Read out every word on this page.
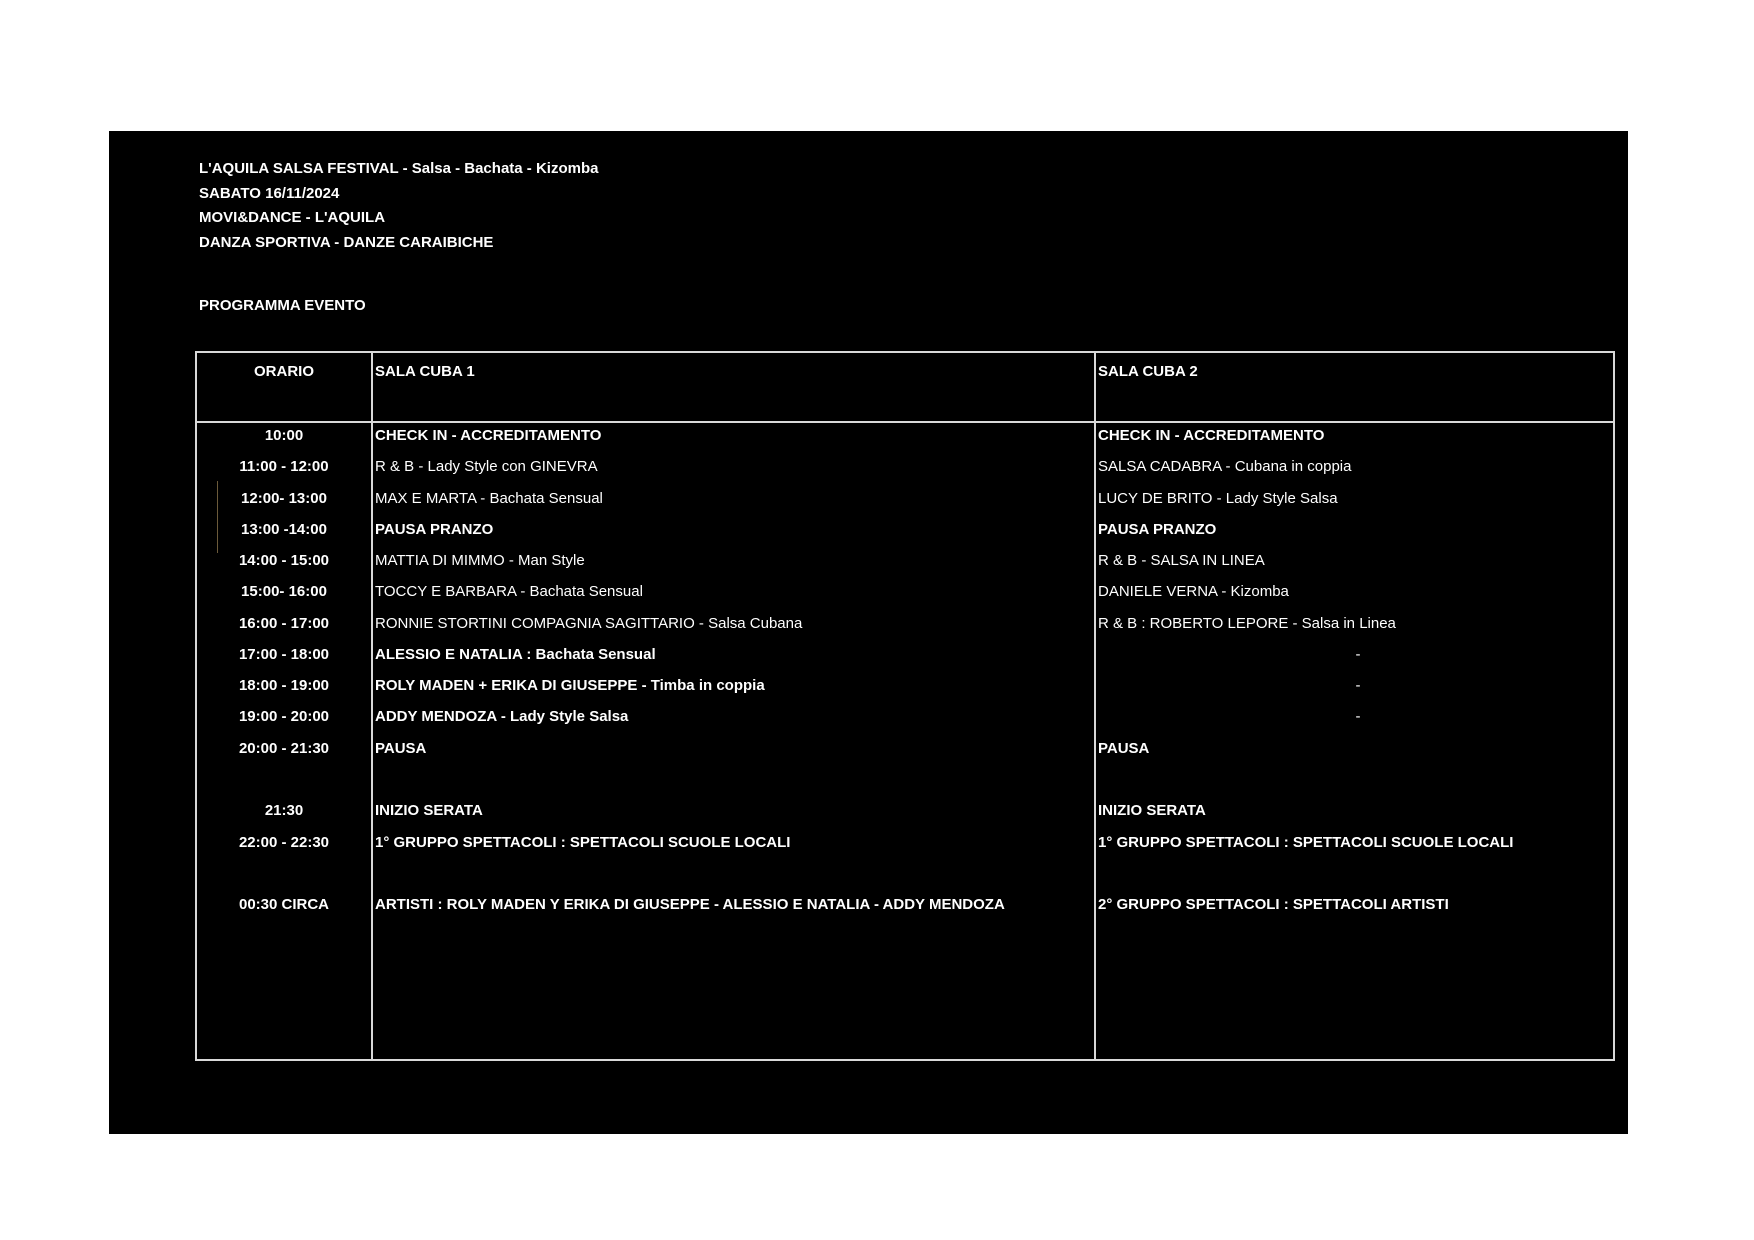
L'AQUILA SALSA FESTIVAL - Salsa - Bachata - Kizomba
SABATO 16/11/2024
MOVI&DANCE - L'AQUILA
DANZA SPORTIVA - DANZE CARAIBICHE
PROGRAMMA EVENTO
ORARIO	SALA CUBA 1	SALA CUBA 2
10:00	CHECK IN - ACCREDITAMENTO	CHECK IN - ACCREDITAMENTO
11:00 - 12:00	R & B - Lady Style con GINEVRA	SALSA CADABRA - Cubana in coppia
12:00- 13:00	MAX E MARTA - Bachata Sensual	LUCY DE BRITO - Lady Style Salsa
13:00 -14:00	PAUSA PRANZO	PAUSA PRANZO
14:00 - 15:00	MATTIA DI MIMMO - Man Style	R & B - SALSA IN LINEA
15:00- 16:00	TOCCY E BARBARA - Bachata Sensual	DANIELE VERNA - Kizomba
16:00 - 17:00	RONNIE STORTINI COMPAGNIA SAGITTARIO - Salsa Cubana	R & B : ROBERTO LEPORE - Salsa in Linea
17:00 - 18:00	ALESSIO E NATALIA : Bachata Sensual	-
18:00 - 19:00	ROLY MADEN + ERIKA DI GIUSEPPE - Timba in coppia	-
19:00 - 20:00	ADDY MENDOZA - Lady Style Salsa	-
20:00 - 21:30	PAUSA	PAUSA
21:30	INIZIO SERATA	INIZIO SERATA
22:00 - 22:30	1° GRUPPO SPETTACOLI : SPETTACOLI SCUOLE LOCALI	1° GRUPPO SPETTACOLI : SPETTACOLI SCUOLE LOCALI
00:30 CIRCA	ARTISTI : ROLY MADEN Y ERIKA DI GIUSEPPE - ALESSIO E NATALIA - ADDY MENDOZA	2° GRUPPO SPETTACOLI : SPETTACOLI ARTISTI
